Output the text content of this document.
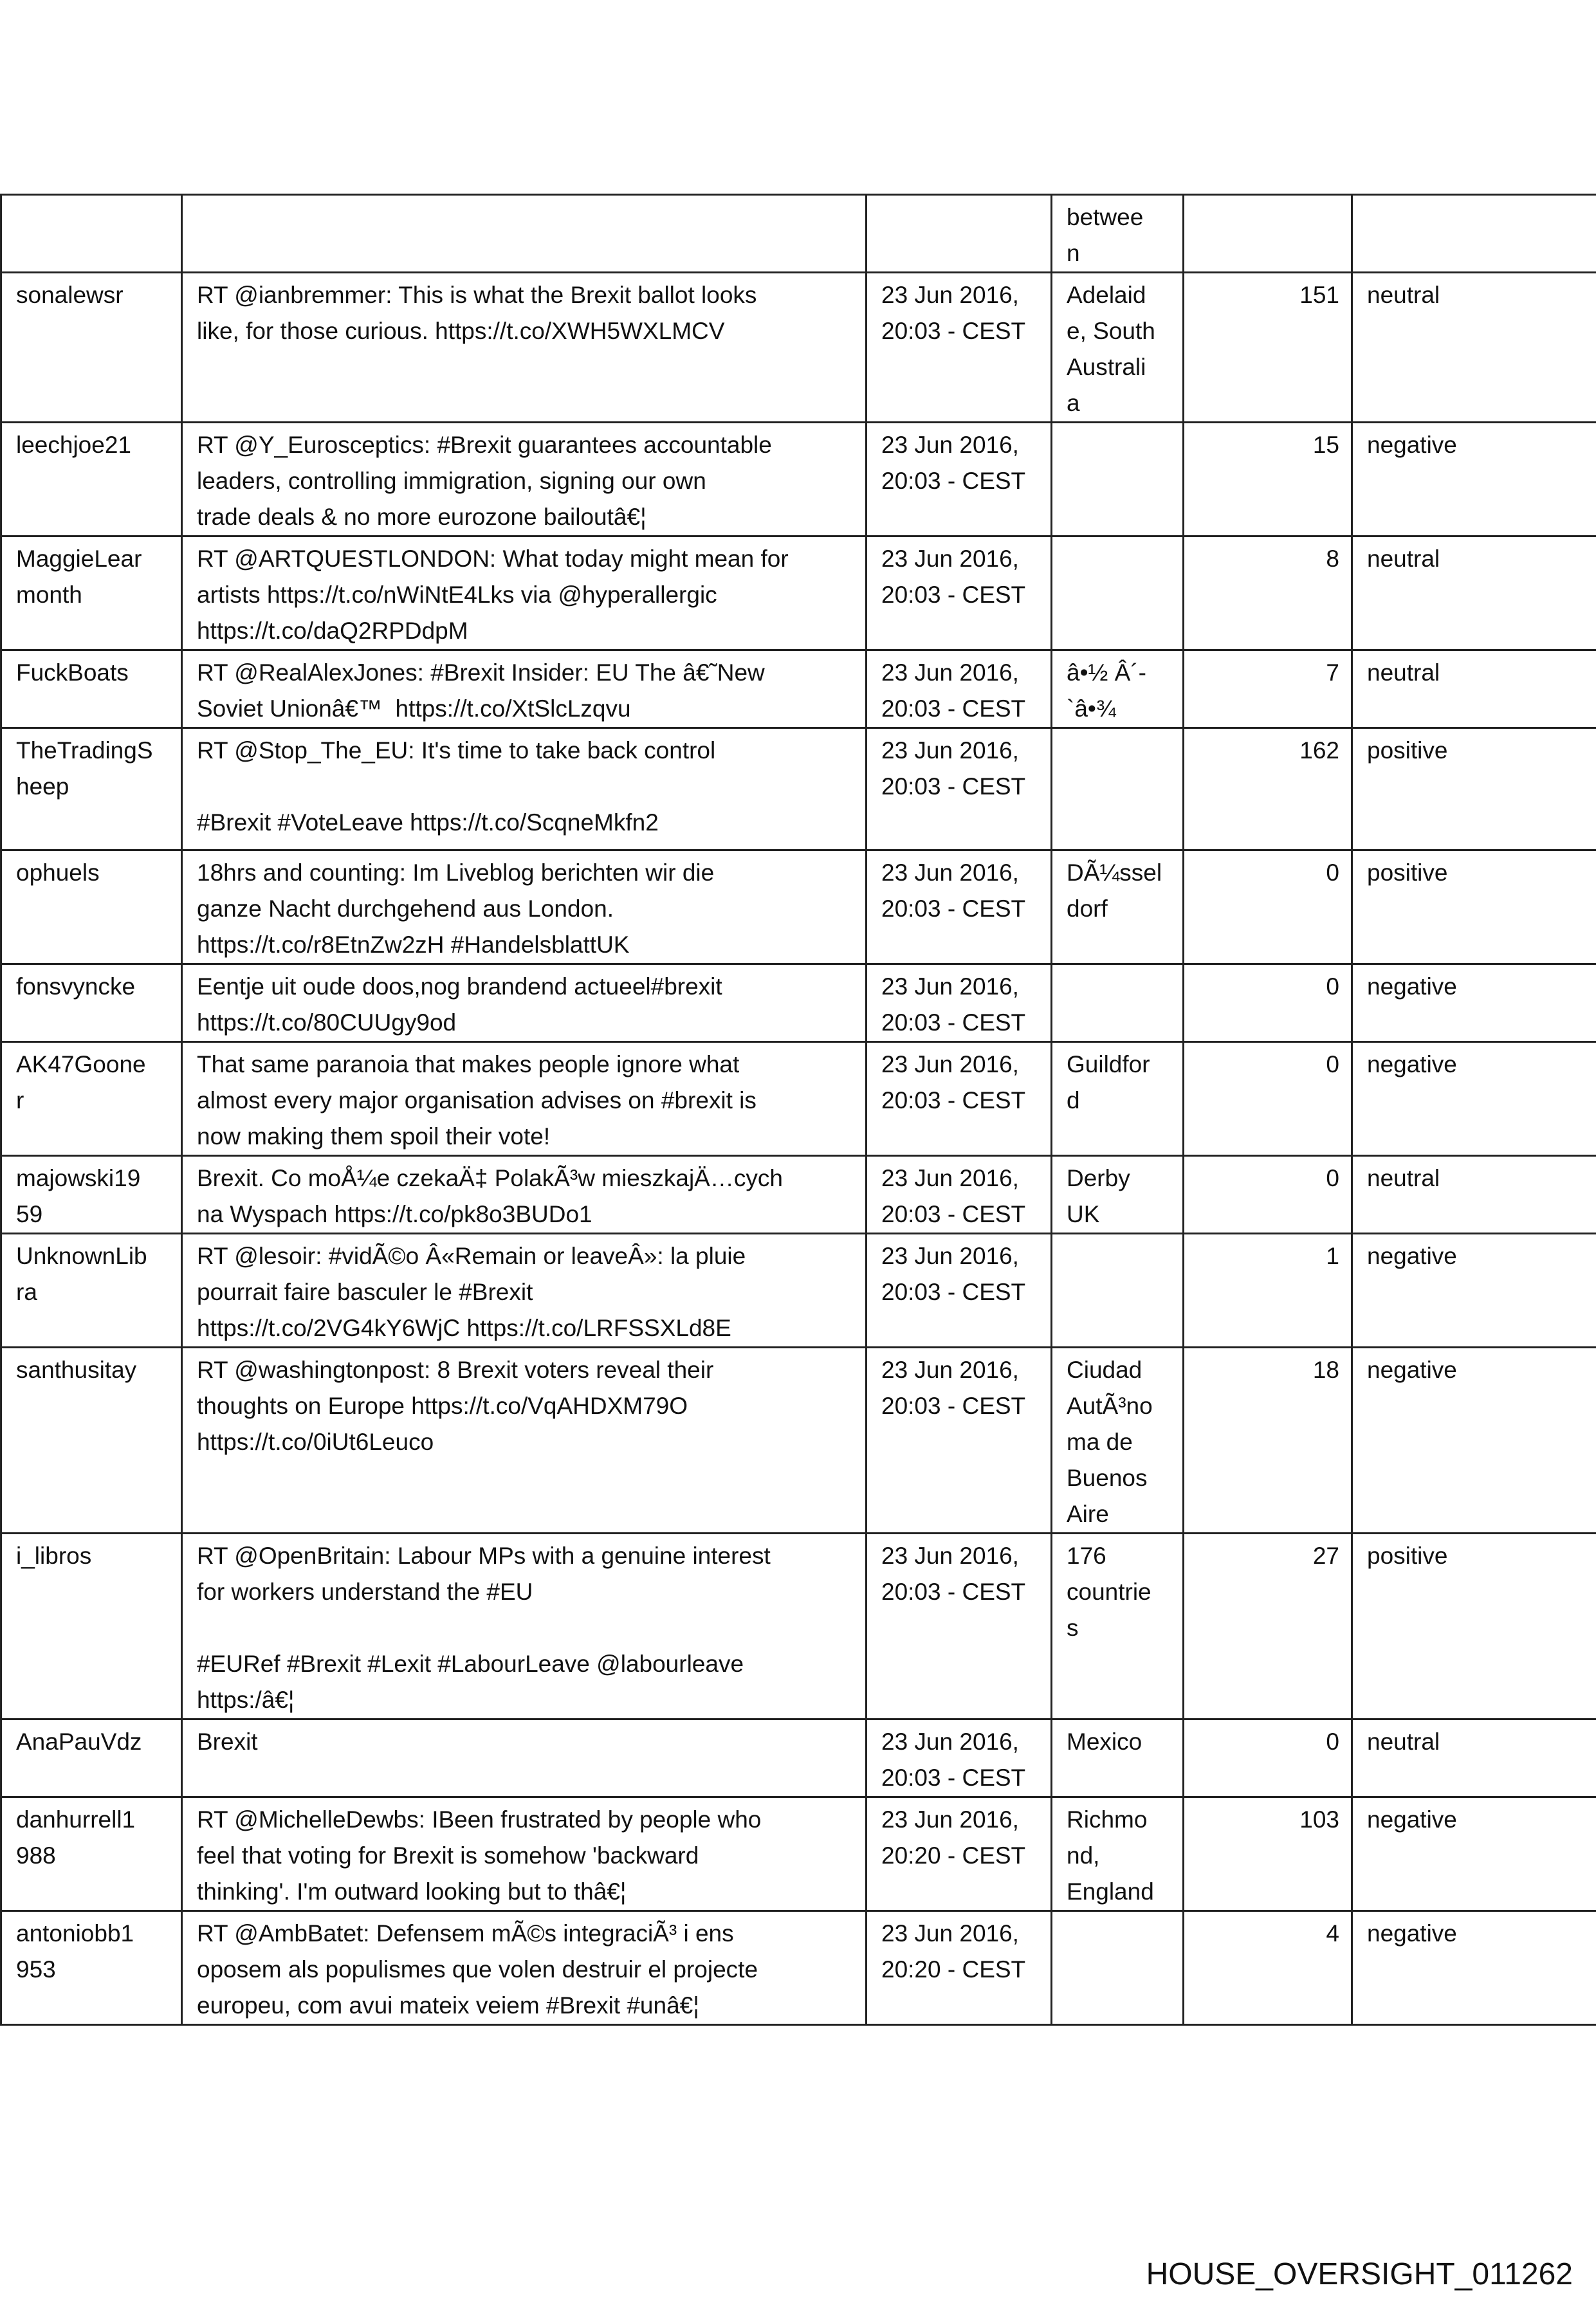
			betwee
n		
sonalewsr	RT @ianbremmer: This is what the Brexit ballot looks
like, for those curious. https://t.co/XWH5WXLMCV	23 Jun 2016,
20:03 - CEST	Adelaid
e, South
Australi
a	151	neutral
leechjoe21	RT @Y_Eurosceptics: #Brexit guarantees accountable
leaders, controlling immigration, signing our own
trade deals & no more eurozone bailoutâ€¦	23 Jun 2016,
20:03 - CEST		15	negative
MaggieLear
month	RT @ARTQUESTLONDON: What today might mean for
artists https://t.co/nWiNtE4Lks via @hyperallergic
https://t.co/daQ2RPDdpM	23 Jun 2016,
20:03 - CEST		8	neutral
FuckBoats	RT @RealAlexJones: #Brexit Insider: EU The â€˜New
Soviet Unionâ€™  https://t.co/XtSlcLzqvu	23 Jun 2016,
20:03 - CEST	â•½ Â´-
`â•¾	7	neutral
TheTradingS
heep	RT @Stop_The_EU: It's time to take back control

#Brexit #VoteLeave https://t.co/ScqneMkfn2	23 Jun 2016,
20:03 - CEST		162	positive
ophuels	18hrs and counting: Im Liveblog berichten wir die
ganze Nacht durchgehend aus London.
https://t.co/r8EtnZw2zH #HandelsblattUK	23 Jun 2016,
20:03 - CEST	DÃ¼ssel
dorf	0	positive
fonsvyncke	Eentje uit oude doos,nog brandend actueel#brexit
https://t.co/80CUUgy9od	23 Jun 2016,
20:03 - CEST		0	negative
AK47Goone
r	That same paranoia that makes people ignore what
almost every major organisation advises on #brexit is
now making them spoil their vote!	23 Jun 2016,
20:03 - CEST	Guildfor
d	0	negative
majowski19
59	Brexit. Co moÅ¼e czekaÄ‡ PolakÃ³w mieszkajÄ…cych
na Wyspach https://t.co/pk8o3BUDo1	23 Jun 2016,
20:03 - CEST	Derby
UK	0	neutral
UnknownLib
ra	RT @lesoir: #vidÃ©o Â«Remain or leaveÂ»: la pluie
pourrait faire basculer le #Brexit
https://t.co/2VG4kY6WjC https://t.co/LRFSSXLd8E	23 Jun 2016,
20:03 - CEST		1	negative
santhusitay	RT @washingtonpost: 8 Brexit voters reveal their
thoughts on Europe https://t.co/VqAHDXM79O
https://t.co/0iUt6Leuco	23 Jun 2016,
20:03 - CEST	Ciudad
AutÃ³no
ma de
Buenos
Aire	18	negative
i_libros	RT @OpenBritain: Labour MPs with a genuine interest
for workers understand the #EU

#EURef #Brexit #Lexit #LabourLeave @labourleave
https:/â€¦	23 Jun 2016,
20:03 - CEST	176
countrie
s	27	positive
AnaPauVdz	Brexit	23 Jun 2016,
20:03 - CEST	Mexico	0	neutral
danhurrell1
988	RT @MichelleDewbs: IBeen frustrated by people who
feel that voting for Brexit is somehow 'backward
thinking'. I'm outward looking but to thâ€¦	23 Jun 2016,
20:20 - CEST	Richmo
nd,
England	103	negative
antoniobb1
953	RT @AmbBatet: Defensem mÃ©s integraciÃ³ i ens
oposem als populismes que volen destruir el projecte
europeu, com avui mateix veiem #Brexit #unâ€¦	23 Jun 2016,
20:20 - CEST		4	negative
HOUSE_OVERSIGHT_011262
